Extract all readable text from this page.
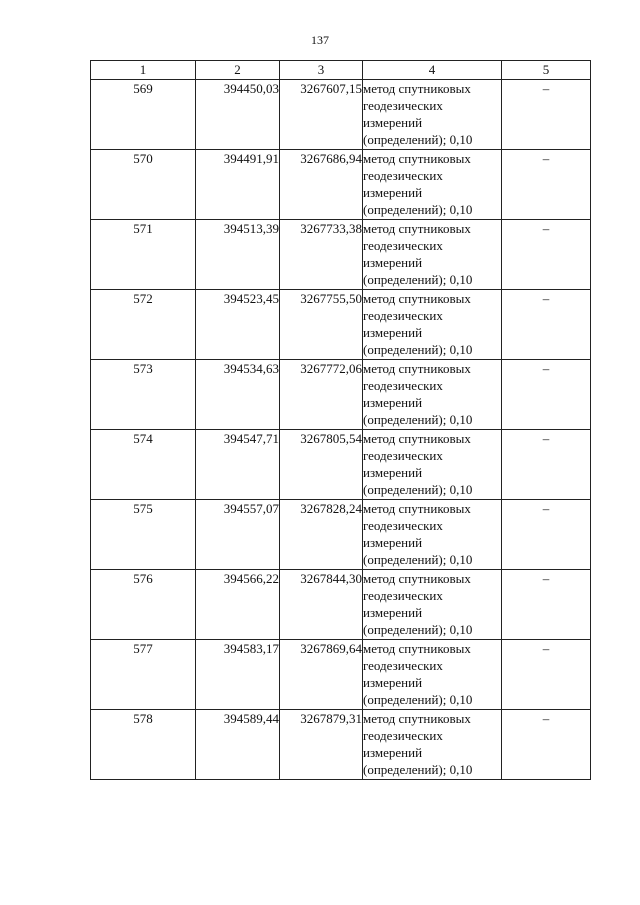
137
1	2	3	4	5
569	394450,03	3267607,15	метод спутниковых
геодезических
измерений
(определений); 0,10	–
570	394491,91	3267686,94	метод спутниковых
геодезических
измерений
(определений); 0,10	–
571	394513,39	3267733,38	метод спутниковых
геодезических
измерений
(определений); 0,10	–
572	394523,45	3267755,50	метод спутниковых
геодезических
измерений
(определений); 0,10	–
573	394534,63	3267772,06	метод спутниковых
геодезических
измерений
(определений); 0,10	–
574	394547,71	3267805,54	метод спутниковых
геодезических
измерений
(определений); 0,10	–
575	394557,07	3267828,24	метод спутниковых
геодезических
измерений
(определений); 0,10	–
576	394566,22	3267844,30	метод спутниковых
геодезических
измерений
(определений); 0,10	–
577	394583,17	3267869,64	метод спутниковых
геодезических
измерений
(определений); 0,10	–
578	394589,44	3267879,31	метод спутниковых
геодезических
измерений
(определений); 0,10	–
